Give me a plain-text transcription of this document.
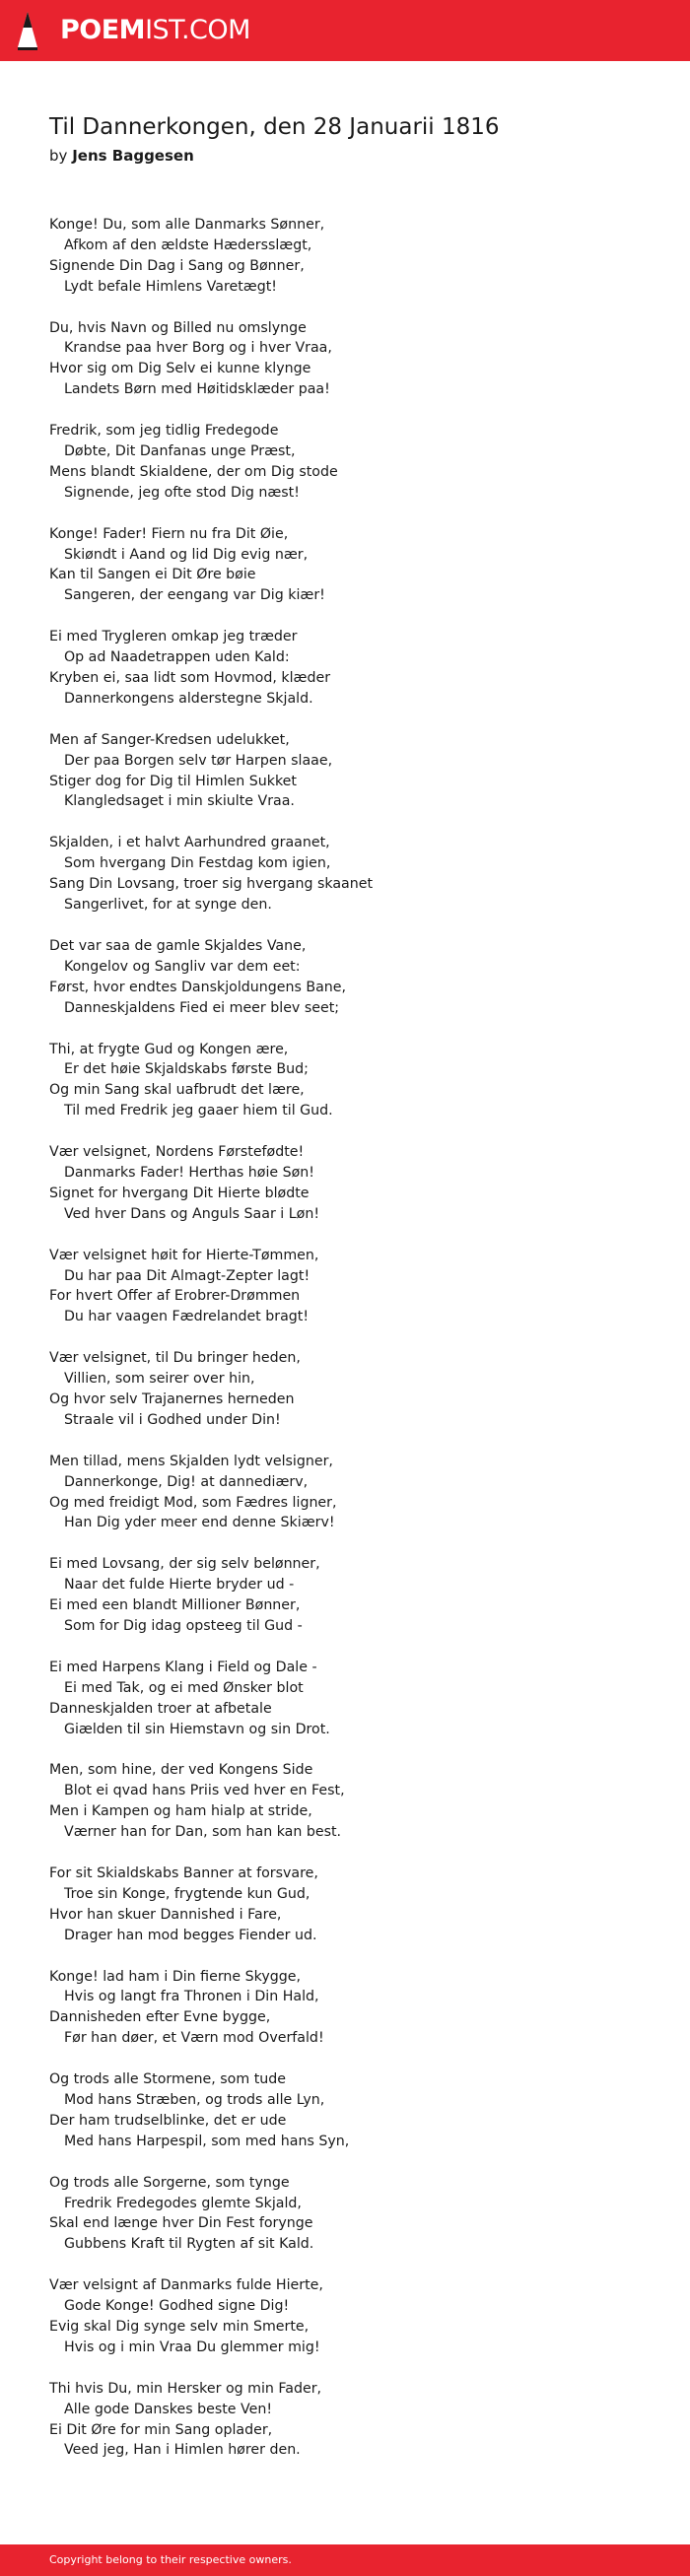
POEMIST.COM
Til Dannerkongen, den 28 Januarii 1816
by Jens Baggesen
Konge! Du, som alle Danmarks Sønner,
Afkom af den ældste Hædersslægt,
Signende Din Dag i Sang og Bønner,
Lydt befale Himlens Varetægt!
Du, hvis Navn og Billed nu omslynge
Krandse paa hver Borg og i hver Vraa,
Hvor sig om Dig Selv ei kunne klynge
Landets Børn med Høitidsklæder paa!
Fredrik, som jeg tidlig Fredegode
Døbte, Dit Danfanas unge Præst,
Mens blandt Skialdene, der om Dig stode
Signende, jeg ofte stod Dig næst!
Konge! Fader! Fiern nu fra Dit Øie,
Skiøndt i Aand og lid Dig evig nær,
Kan til Sangen ei Dit Øre bøie
Sangeren, der eengang var Dig kiær!
Ei med Trygleren omkap jeg træder
Op ad Naadetrappen uden Kald:
Kryben ei, saa lidt som Hovmod, klæder
Dannerkongens alderstegne Skjald.
Men af Sanger-Kredsen udelukket,
Der paa Borgen selv tør Harpen slaae,
Stiger dog for Dig til Himlen Sukket
Klangledsaget i min skiulte Vraa.
Skjalden, i et halvt Aarhundred graanet,
Som hvergang Din Festdag kom igien,
Sang Din Lovsang, troer sig hvergang skaanet
Sangerlivet, for at synge den.
Det var saa de gamle Skjaldes Vane,
Kongelov og Sangliv var dem eet:
Først, hvor endtes Danskjoldungens Bane,
Danneskjaldens Fied ei meer blev seet;
Thi, at frygte Gud og Kongen ære,
Er det høie Skjaldskabs første Bud;
Og min Sang skal uafbrudt det lære,
Til med Fredrik jeg gaaer hiem til Gud.
Vær velsignet, Nordens Førstefødte!
Danmarks Fader! Herthas høie Søn!
Signet for hvergang Dit Hierte blødte
Ved hver Dans og Anguls Saar i Løn!
Vær velsignet høit for Hierte-Tømmen,
Du har paa Dit Almagt-Zepter lagt!
For hvert Offer af Erobrer-Drømmen
Du har vaagen Fædrelandet bragt!
Vær velsignet, til Du bringer heden,
Villien, som seirer over hin,
Og hvor selv Trajanernes herneden
Straale vil i Godhed under Din!
Men tillad, mens Skjalden lydt velsigner,
Dannerkonge, Dig! at dannediærv,
Og med freidigt Mod, som Fædres ligner,
Han Dig yder meer end denne Skiærv!
Ei med Lovsang, der sig selv belønner,
Naar det fulde Hierte bryder ud -
Ei med een blandt Millioner Bønner,
Som for Dig idag opsteeg til Gud -
Ei med Harpens Klang i Field og Dale -
Ei med Tak, og ei med Ønsker blot
Danneskjalden troer at afbetale
Giælden til sin Hiemstavn og sin Drot.
Men, som hine, der ved Kongens Side
Blot ei qvad hans Priis ved hver en Fest,
Men i Kampen og ham hialp at stride,
Værner han for Dan, som han kan best.
For sit Skialdskabs Banner at forsvare,
Troe sin Konge, frygtende kun Gud,
Hvor han skuer Dannished i Fare,
Drager han mod begges Fiender ud.
Konge! lad ham i Din fierne Skygge,
Hvis og langt fra Thronen i Din Hald,
Dannisheden efter Evne bygge,
Før han døer, et Værn mod Overfald!
Og trods alle Stormene, som tude
Mod hans Stræben, og trods alle Lyn,
Der ham trudselblinke, det er ude
Med hans Harpespil, som med hans Syn,
Og trods alle Sorgerne, som tynge
Fredrik Fredegodes glemte Skjald,
Skal end længe hver Din Fest forynge
Gubbens Kraft til Rygten af sit Kald.
Vær velsignt af Danmarks fulde Hierte,
Gode Konge! Godhed signe Dig!
Evig skal Dig synge selv min Smerte,
Hvis og i min Vraa Du glemmer mig!
Thi hvis Du, min Hersker og min Fader,
Alle gode Danskes beste Ven!
Ei Dit Øre for min Sang oplader,
Veed jeg, Han i Himlen hører den.
Copyright belong to their respective owners.
